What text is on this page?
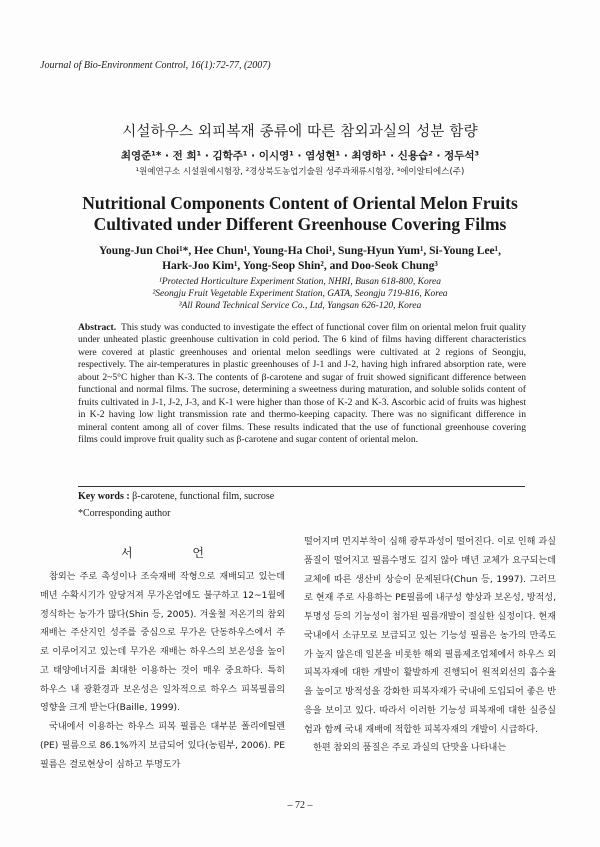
Journal of Bio-Environment Control, 16(1):72-77, (2007)
시설하우스 외피복재 종류에 따른 참외과실의 성분 함량
최영준¹* · 전 희¹ · 김학주¹ · 이시영¹ · 염성현¹ · 최영하¹ · 신용습² · 정두석³
¹원예연구소 시설원예시험장, ²경상북도농업기술원 성주과채류시험장, ³에이알티에스(주)
Nutritional Components Content of Oriental Melon Fruits
Cultivated under Different Greenhouse Covering Films
Young-Jun Choi¹*, Hee Chun¹, Young-Ha Choi¹, Sung-Hyun Yum¹, Si-Young Lee¹,
Hark-Joo Kim¹, Yong-Seop Shin², and Doo-Seok Chung³
¹Protected Horticulture Experiment Station, NHRI, Busan 618-800, Korea
²Seongju Fruit Vegetable Experiment Station, GATA, Seongju 719-816, Korea
³All Round Technical Service Co., Ltd, Yangsan 626-120, Korea
Abstract. This study was conducted to investigate the effect of functional cover film on oriental melon fruit quality under unheated plastic greenhouse cultivation in cold period. The 6 kind of films having different characteristics were covered at plastic greenhouses and oriental melon seedlings were cultivated at 2 regions of Seongju, respectively. The air-temperatures in plastic greenhouses of J-1 and J-2, having high infrared absorption rate, were about 2~5°C higher than K-3. The contents of β-carotene and sugar of fruit showed significant difference between functional and normal films. The sucrose, determining a sweetness during maturation, and soluble solids content of fruits cultivated in J-1, J-2, J-3, and K-1 were higher than those of K-2 and K-3. Ascorbic acid of fruits was highest in K-2 having low light transmission rate and thermo-keeping capacity. There was no significant difference in mineral content among all of cover films. These results indicated that the use of functional greenhouse covering films could improve fruit quality such as β-carotene and sugar content of oriental melon.
Key words : β-carotene, functional film, sucrose
*Corresponding author
서 언

참외는 주로 촉성이나 조숙재배 작형으로 재배되고 있는데 매년 수확시기가 앞당겨져 무가온엄에도 불구하고 12~1월에 정식하는 농가가 많다(Shin 등, 2005). 겨울철 저온기의 참외재배는 주산지인 성주를 중심으로 무가온 단동하우스에서 주로 이루어지고 있는데 무가온 재배는 하우스의 보온성을 높이고 태양에너지를 최대한 이용하는 것이 매우 중요하다. 특히 하우스 내 광환경과 보온성은 일차적으로 하우스 피복필름의 영향을 크게 받는다(Baille, 1999).

국내에서 이용하는 하우스 피복 필름은 대부분 폴리에틸렌(PE) 필름으로 86.1%까지 보급되어 있다(농림부, 2006). PE 필름은 결로현상이 심하고 투명도가

떨어지며 먼지부착이 심해 광투과성이 떨어진다. 이로 인해 과실품질이 떨어지고 필름수명도 길지 않아 매년 교체가 요구되는데 교체에 따른 생산비 상승이 문제된다(Chun 등, 1997). 그러므로 현재 주로 사용하는 PE필름에 내구성 향상과 보온성, 방적성, 투명성 등의 기능성이 첨가된 필름개발이 절실한 실정이다. 현재 국내에서 소규모로 보급되고 있는 기능성 필름은 농가의 만족도가 높지 않은데 일본을 비롯한 해외 필름제조업체에서 하우스 외피복자재에 대한 개발이 활발하게 진행되어 원적외선의 흡수율을 높이고 방적성을 강화한 피복자재가 국내에 도입되어 좋은 반응을 보이고 있다. 따라서 이러한 기능성 피복재에 대한 실증실험과 함께 국내 재배에 적합한 피복자재의 개발이 시급하다.

한편 참외의 품질은 주로 과실의 단맛을 나타내는

– 72 –
